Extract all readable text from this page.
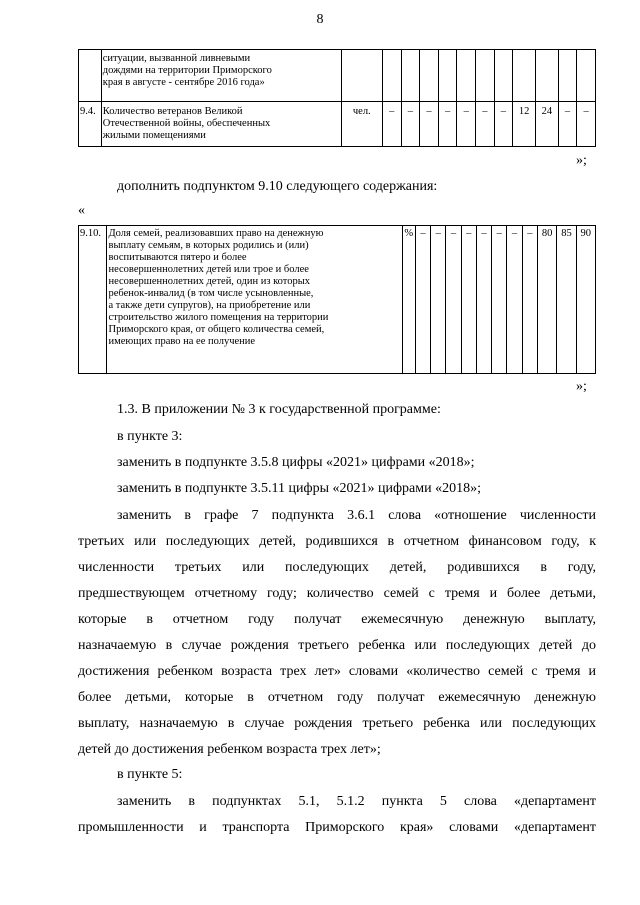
8

	ситуации, вызванной ливневыми
дождями на территории Приморского
края в августе - сентябре 2016 года»												

9.4.	Количество ветеранов Великой
Отечественной войны, обеспеченных
жилыми помещениями	чел.	–	–	–	–	–	–	–	12	24	–	–
»;
дополнить подпунктом 9.10 следующего содержания:
«
9.10.	Доля семей, реализовавших право на денежную
выплату семьям, в которых родились и (или)
воспитываются пятеро и более
несовершеннолетних детей или трое и более
несовершеннолетних детей, один из которых
ребенок-инвалид (в том числе усыновленные,
а также дети супругов), на приобретение или
строительство жилого помещения на территории
Приморского края, от общего количества семей,
имеющих право на ее получение
	%	–	–	–	–	–	–	–	–	80	85	90
»;
1.3. В приложении № 3 к государственной программе:
в пункте 3:
заменить в подпункте 3.5.8 цифры «2021» цифрами «2018»;
заменить в подпункте 3.5.11 цифры «2021» цифрами «2018»;
заменить в графе 7 подпункта 3.6.1 слова «отношение численности
третьих или последующих детей, родившихся в отчетном финансовом году, к
численности третьих или последующих детей, родившихся в году,
предшествующем отчетному году; количество семей с тремя и более детьми,
которые в отчетном году получат ежемесячную денежную выплату,
назначаемую в случае рождения третьего ребенка или последующих детей до
достижения ребенком возраста трех лет» словами «количество семей с тремя и
более детьми, которые в отчетном году получат ежемесячную денежную
выплату, назначаемую в случае рождения третьего ребенка или последующих
детей до достижения ребенком возраста трех лет»;
в пункте 5:
заменить в подпунктах 5.1, 5.1.2 пункта 5 слова «департамент
промышленности и транспорта Приморского края» словами «департамент
